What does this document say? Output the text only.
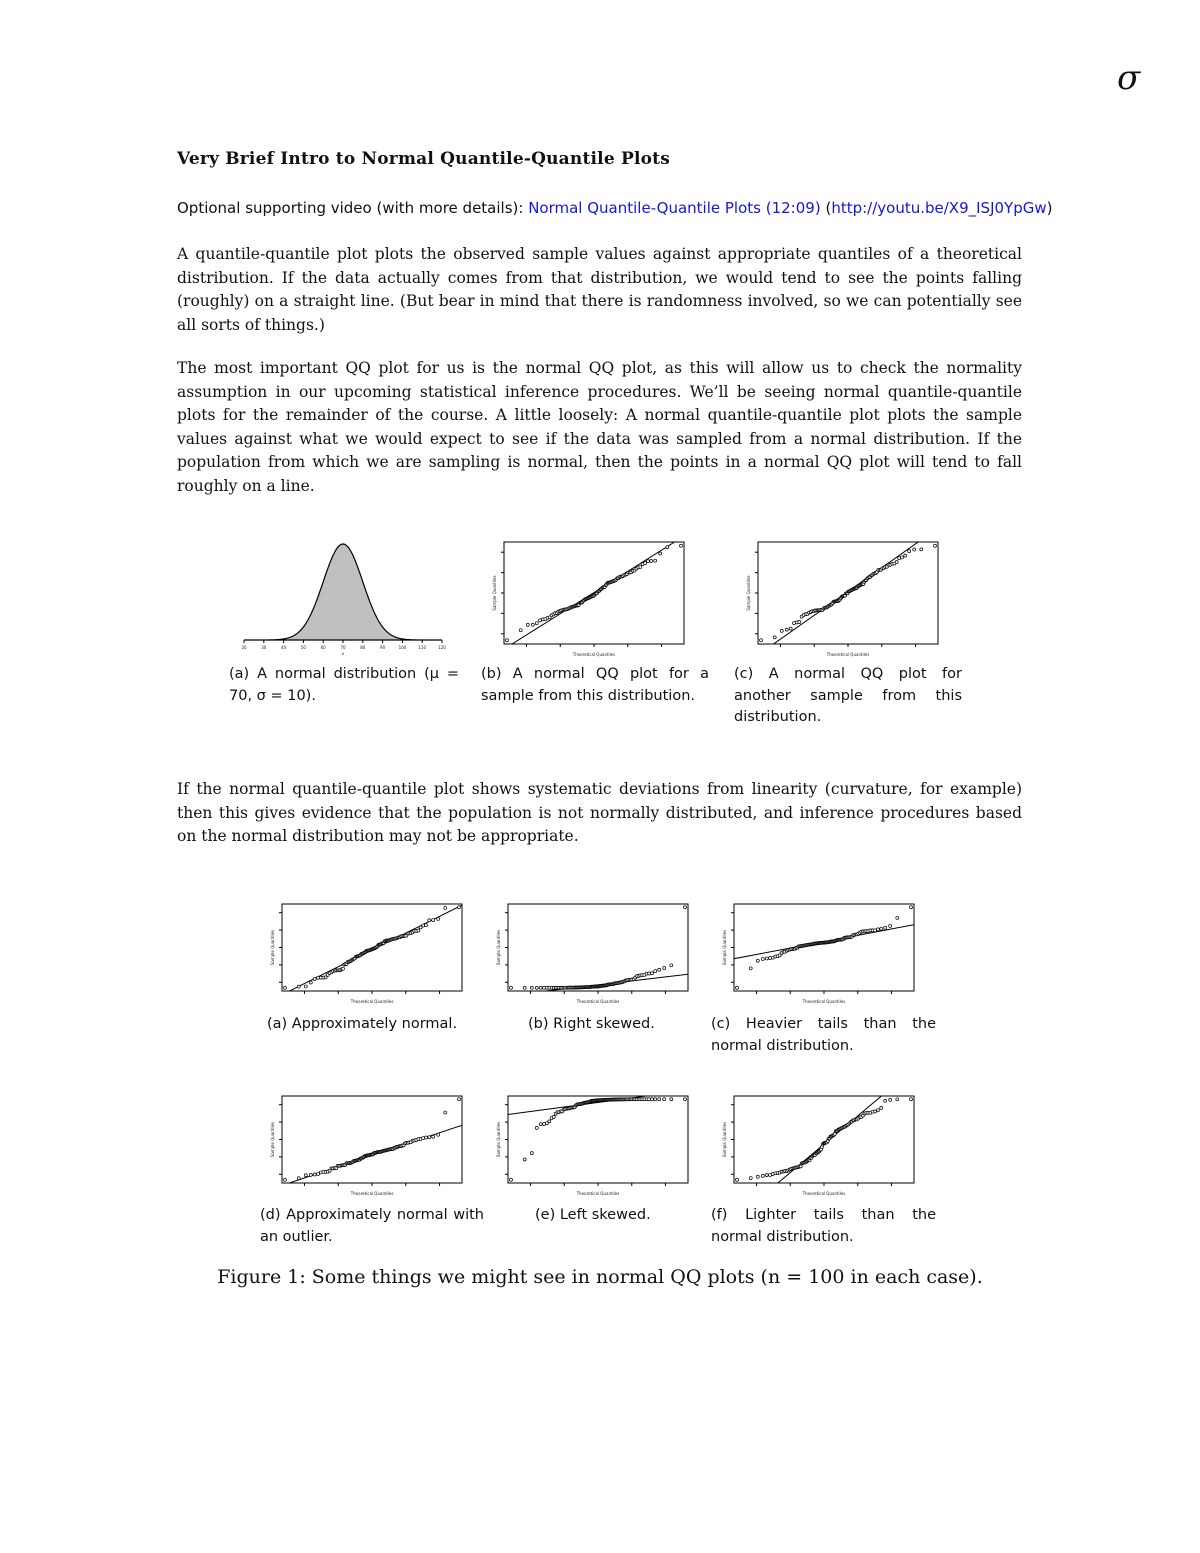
σ
Very Brief Intro to Normal Quantile-Quantile Plots
Optional supporting video (with more details): Normal Quantile-Quantile Plots (12:09) (http://youtu.be/X9_ISJ0YpGw)

A quantile-quantile plot plots the observed sample values against appropriate quantiles of a theoretical distribution. If the data actually comes from that distribution, we would tend to see the points falling (roughly) on a straight line. (But bear in mind that there is randomness involved, so we can potentially see all sorts of things.)

The most important QQ plot for us is the normal QQ plot, as this will allow us to check the normality assumption in our upcoming statistical inference procedures. We’ll be seeing normal quantile-quantile plots for the remainder of the course. A little loosely: A normal quantile-quantile plot plots the sample values against what we would expect to see if the data was sampled from a normal distribution. If the population from which we are sampling is normal, then the points in a normal QQ plot will tend to fall roughly on a line.

20	30	40	50	60	70	80	90	100	110	120
x	Theoretical Quantiles
Sample Quantiles
Theoretical Quantiles
Sample Quantiles

(a) A normal distribution (μ = 70, σ = 10).

(b) A normal QQ plot for a sample from this distribution.

(c) A normal QQ plot for another sample from this distribution.

If the normal quantile-quantile plot shows systematic deviations from linearity (curvature, for example) then this gives evidence that the population is not normally distributed, and inference procedures based on the normal distribution may not be appropriate.

Theoretical Quantiles
Sample Quantiles
Theoretical Quantiles
Sample Quantiles
Theoretical Quantiles
Sample Quantiles

(a) Approximately normal.	(b) Right skewed.	(c) Heavier tails than the normal distribution.

Theoretical Quantiles
Sample Quantiles
Theoretical Quantiles
Sample Quantiles
Theoretical Quantiles
Sample Quantiles

(d) Approximately normal with an outlier.

(e) Left skewed.	(f) Lighter tails than the normal distribution.

Figure 1: Some things we might see in normal QQ plots (n = 100 in each case).
